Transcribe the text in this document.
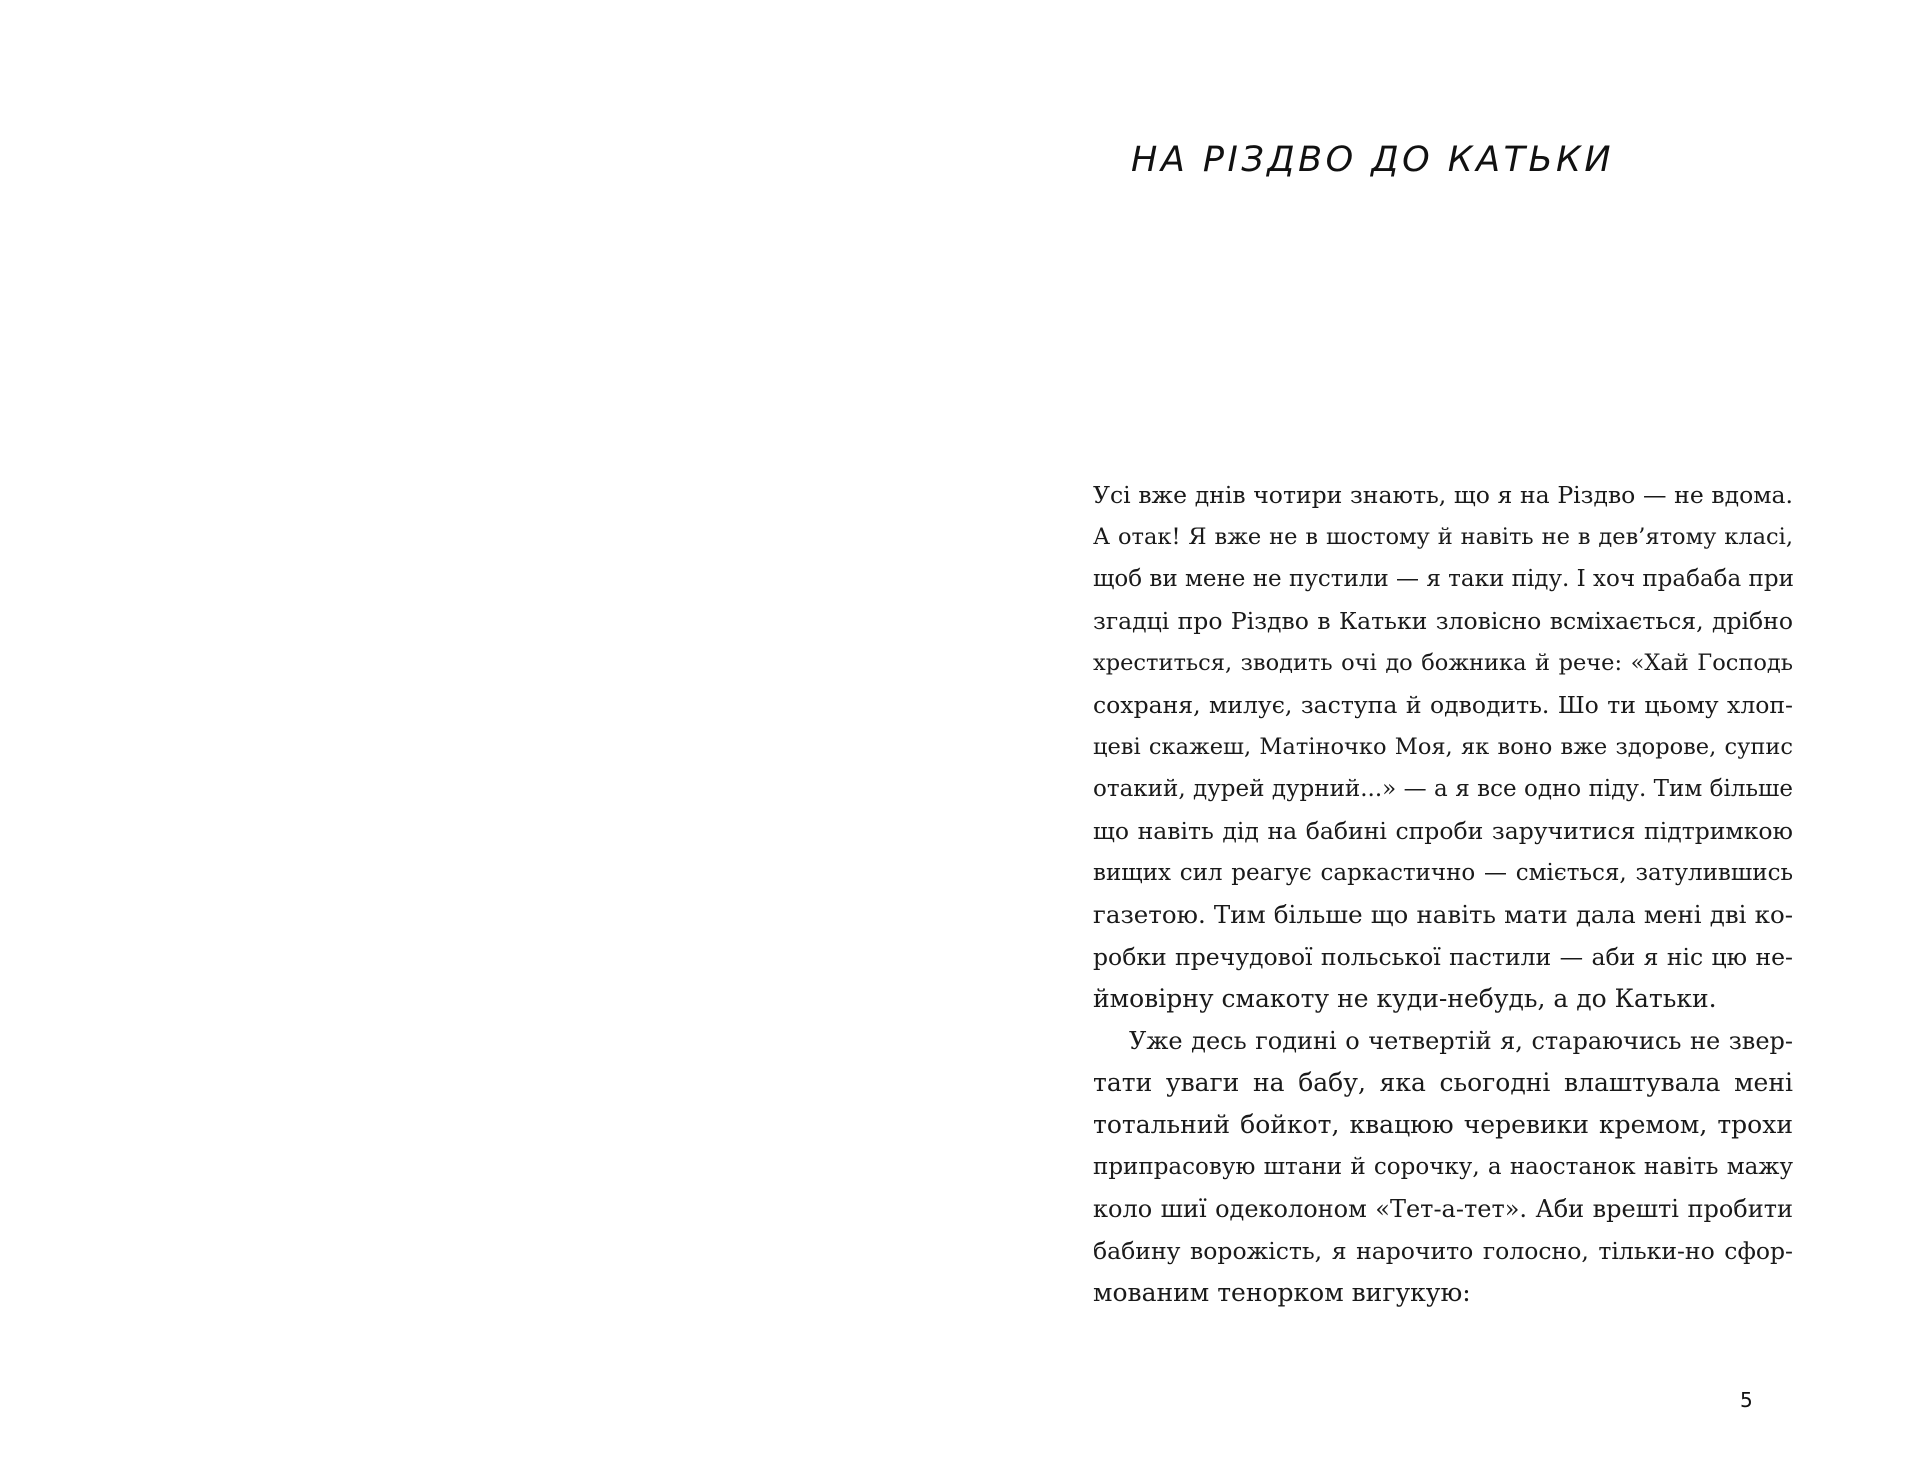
НА РІЗДВО ДО КАТЬКИ
Усі вже днів чотири знають, що я на Різдво — не вдома.
А отак! Я вже не в шостому й навіть не в дев’ятому класі,
щоб ви мене не пустили — я таки піду. І хоч прабаба при
згадці про Різдво в Катьки зловісно всміхається, дрібно
хреститься, зводить очі до божника й рече: «Хай Господь
сохраня, милує, заступа й одводить. Шо ти цьому хлоп-
цеві скажеш, Матіночко Моя, як воно вже здорове, супис
отакий, дурей дурний...» — а я все одно піду. Тим більше
що навіть дід на бабині спроби заручитися підтримкою
вищих сил реагує саркастично — сміється, затулившись
газетою. Тим більше що навіть мати дала мені дві ко-
робки пречудової польської пастили — аби я ніс цю не-
ймовірну смакоту не куди-небудь, а до Катьки.
Уже десь годині о четвертій я, стараючись не звер-
тати уваги на бабу, яка сьогодні влаштувала мені
тотальний бойкот, квацюю черевики кремом, трохи
припрасовую штани й сорочку, а наостанок навіть мажу
коло шиї одеколоном «Тет-а-тет». Аби врешті пробити
бабину ворожість, я нарочито голосно, тільки-но сфор-
мованим тенорком вигукую:
5
